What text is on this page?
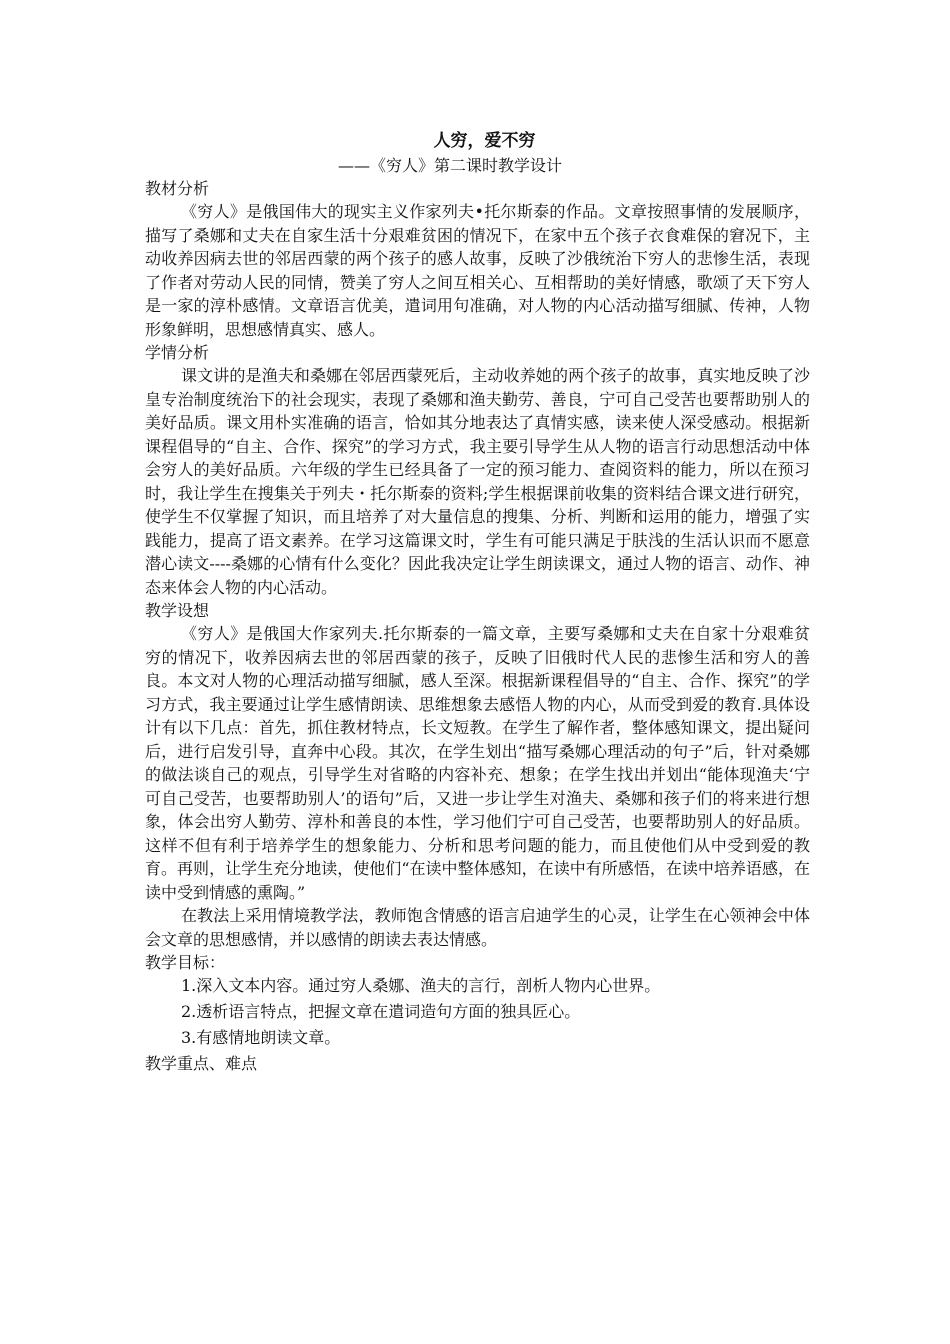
人穷，爱不穷

——《穷人》第二课时教学设计

教材分析

《穷人》是俄国伟大的现实主义作家列夫•托尔斯泰的作品。文章按照事情的发展顺序，描写了桑娜和丈夫在自家生活十分艰难贫困的情况下，在家中五个孩子衣食难保的窘况下，主动收养因病去世的邻居西蒙的两个孩子的感人故事，反映了沙俄统治下穷人的悲惨生活，表现了作者对劳动人民的同情，赞美了穷人之间互相关心、互相帮助的美好情感，歌颂了天下穷人是一家的淳朴感情。文章语言优美，遣词用句准确，对人物的内心活动描写细腻、传神，人物形象鲜明，思想感情真实、感人。

学情分析

课文讲的是渔夫和桑娜在邻居西蒙死后，主动收养她的两个孩子的故事，真实地反映了沙皇专治制度统治下的社会现实，表现了桑娜和渔夫勤劳、善良，宁可自己受苦也要帮助别人的美好品质。课文用朴实准确的语言，恰如其分地表达了真情实感，读来使人深受感动。根据新课程倡导的“自主、合作、探究”的学习方式，我主要引导学生从人物的语言行动思想活动中体会穷人的美好品质。六年级的学生已经具备了一定的预习能力、查阅资料的能力，所以在预习时，我让学生在搜集关于列夫・托尔斯泰的资料;学生根据课前收集的资料结合课文进行研究，使学生不仅掌握了知识，而且培养了对大量信息的搜集、分析、判断和运用的能力，增强了实践能力，提高了语文素养。在学习这篇课文时，学生有可能只满足于肤浅的生活认识而不愿意潜心读文----桑娜的心情有什么变化？因此我决定让学生朗读课文，通过人物的语言、动作、神态来体会人物的内心活动。

教学设想

《穷人》是俄国大作家列夫.托尔斯泰的一篇文章，主要写桑娜和丈夫在自家十分艰难贫穷的情况下，收养因病去世的邻居西蒙的孩子，反映了旧俄时代人民的悲惨生活和穷人的善良。本文对人物的心理活动描写细腻，感人至深。根据新课程倡导的“自主、合作、探究”的学习方式，我主要通过让学生感情朗读、思维想象去感悟人物的内心，从而受到爱的教育.具体设计有以下几点：首先，抓住教材特点，长文短教。在学生了解作者，整体感知课文，提出疑问后，进行启发引导，直奔中心段。其次，在学生划出“描写桑娜心理活动的句子”后，针对桑娜的做法谈自己的观点，引导学生对省略的内容补充、想象；在学生找出并划出“能体现渔夫‘宁可自己受苦，也要帮助别人’的语句”后，又进一步让学生对渔夫、桑娜和孩子们的将来进行想象，体会出穷人勤劳、淳朴和善良的本性，学习他们宁可自己受苦，也要帮助别人的好品质。这样不但有利于培养学生的想象能力、分析和思考问题的能力，而且使他们从中受到爱的教育。再则，让学生充分地读，使他们“在读中整体感知，在读中有所感悟，在读中培养语感，在读中受到情感的熏陶。”

在教法上采用情境教学法，教师饱含情感的语言启迪学生的心灵，让学生在心领神会中体会文章的思想感情，并以感情的朗读去表达情感。

教学目标：

1.深入文本内容。通过穷人桑娜、渔夫的言行，剖析人物内心世界。

2.透析语言特点，把握文章在遣词造句方面的独具匠心。

3.有感情地朗读文章。

教学重点、难点
